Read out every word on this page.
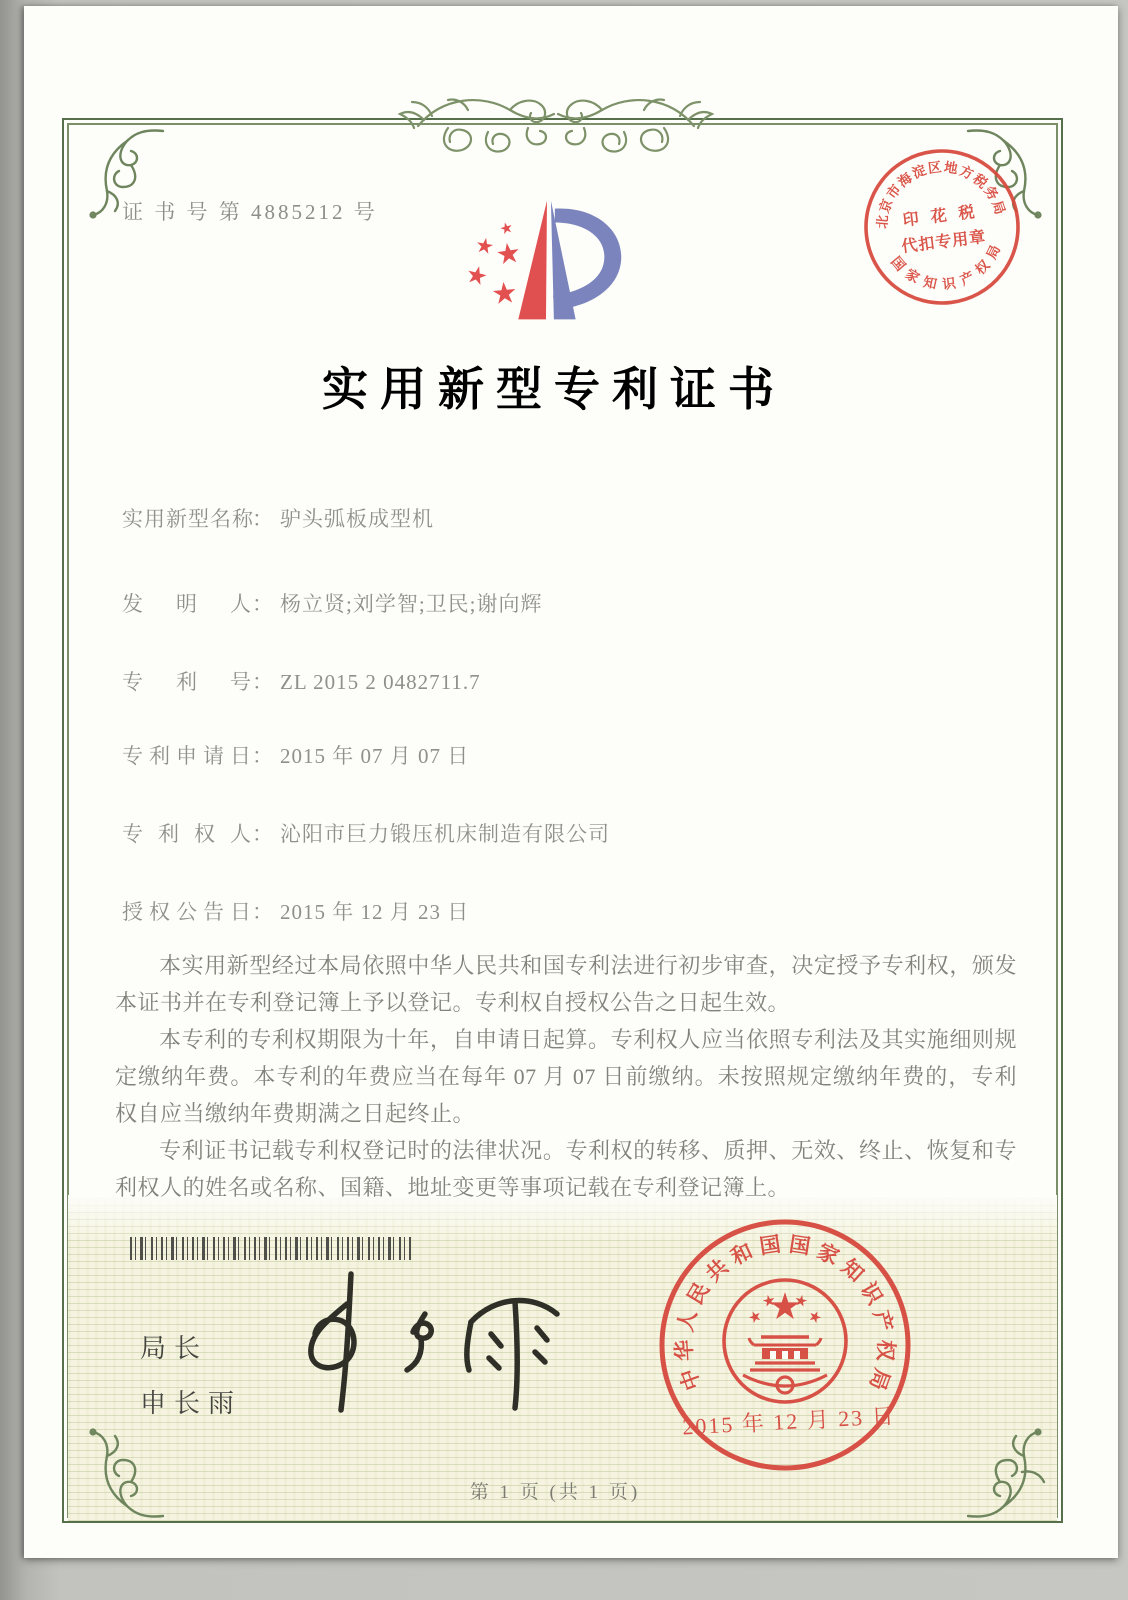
证 书 号 第 4885212 号	北
京
市
海
淀
区 地
方
税
务
局
国
家 知 识 产
权
局
印 花 税
代扣专用章
实用新型专利证书
实用新型名称： 驴头弧板成型机
发明人： 杨立贤;刘学智;卫民;谢向辉
专利号： ZL 2015 2 0482711.7
专利申请日： 2015 年 07 月 07 日
专利权人： 沁阳市巨力锻压机床制造有限公司
授权公告日： 2015 年 12 月 23 日

本实用新型经过本局依照中华人民共和国专利法进行初步审查，决定授予专利权，颁发本证书并在专利登记簿上予以登记。专利权自授权公告之日起生效。

本专利的专利权期限为十年，自申请日起算。专利权人应当依照专利法及其实施细则规定缴纳年费。本专利的年费应当在每年 07 月 07 日前缴纳。未按照规定缴纳年费的，专利权自应当缴纳年费期满之日起终止。

专利证书记载专利权登记时的法律状况。专利权的转移、质押、无效、终止、恢复和专利权人的姓名或名称、国籍、地址变更等事项记载在专利登记簿上。

局长
申长雨
中
华
人
民
共
和 国 国 家
知
识
产
权
局
2015 年 12 月 23 日
第 1 页 (共 1 页)
